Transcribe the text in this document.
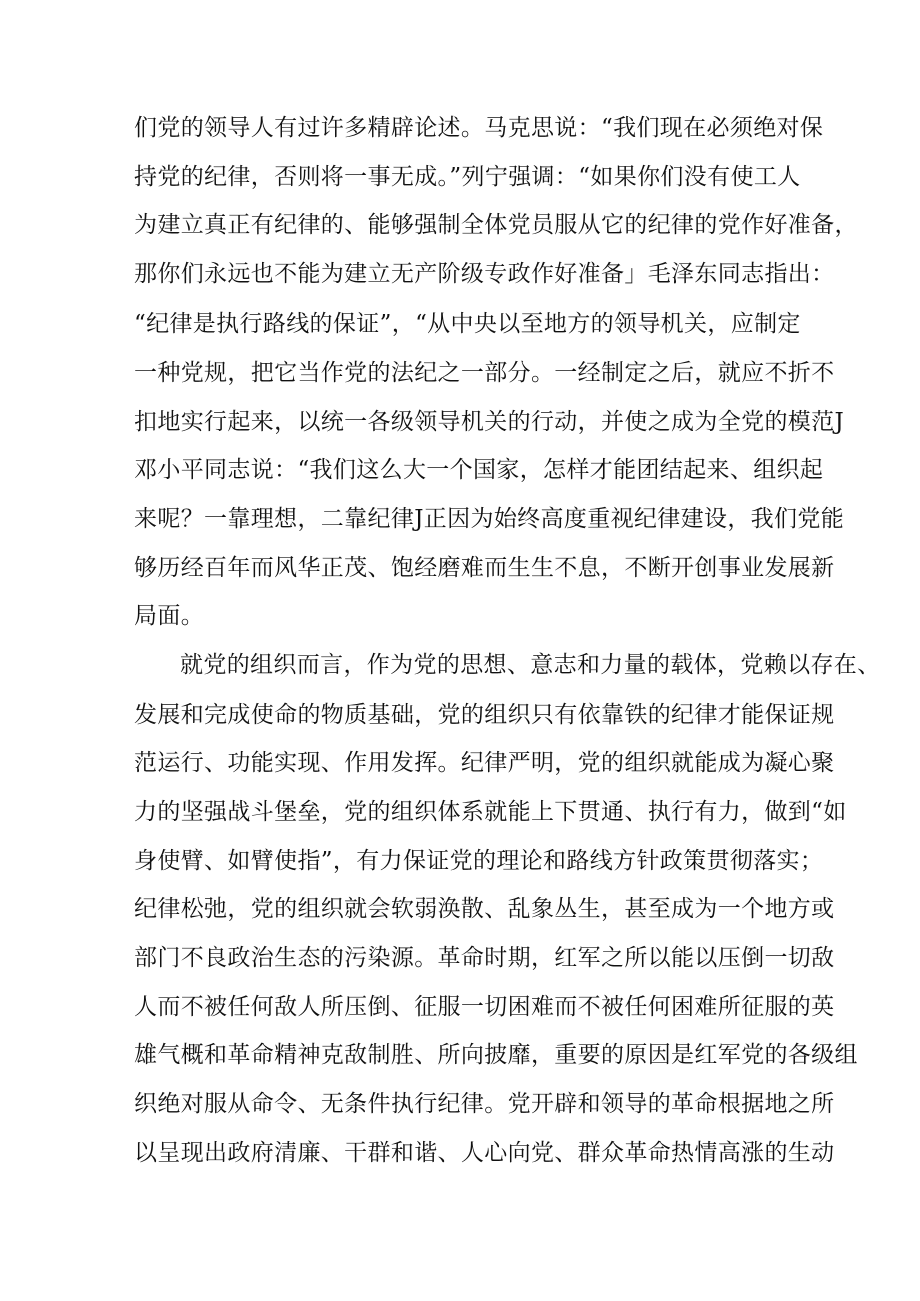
们党的领导人有过许多精辟论述。马克思说：“我们现在必须绝对保
持党的纪律，否则将一事无成。”列宁强调：“如果你们没有使工人
为建立真正有纪律的、能够强制全体党员服从它的纪律的党作好准备，
那你们永远也不能为建立无产阶级专政作好准备」毛泽东同志指出：
“纪律是执行路线的保证”，“从中央以至地方的领导机关，应制定
一种党规，把它当作党的法纪之一部分。一经制定之后，就应不折不
扣地实行起来，以统一各级领导机关的行动，并使之成为全党的模范J
邓小平同志说：“我们这么大一个国家，怎样才能团结起来、组织起
来呢？一靠理想，二靠纪律J正因为始终高度重视纪律建设，我们党能
够历经百年而风华正茂、饱经磨难而生生不息，不断开创事业发展新
局面。
就党的组织而言，作为党的思想、意志和力量的载体，党赖以存在、
发展和完成使命的物质基础，党的组织只有依靠铁的纪律才能保证规
范运行、功能实现、作用发挥。纪律严明，党的组织就能成为凝心聚
力的坚强战斗堡垒，党的组织体系就能上下贯通、执行有力，做到“如
身使臂、如臂使指”，有力保证党的理论和路线方针政策贯彻落实；
纪律松弛，党的组织就会软弱涣散、乱象丛生，甚至成为一个地方或
部门不良政治生态的污染源。革命时期，红军之所以能以压倒一切敌
人而不被任何敌人所压倒、征服一切困难而不被任何困难所征服的英
雄气概和革命精神克敌制胜、所向披靡，重要的原因是红军党的各级组
织绝对服从命令、无条件执行纪律。党开辟和领导的革命根据地之所
以呈现出政府清廉、干群和谐、人心向党、群众革命热情高涨的生动
